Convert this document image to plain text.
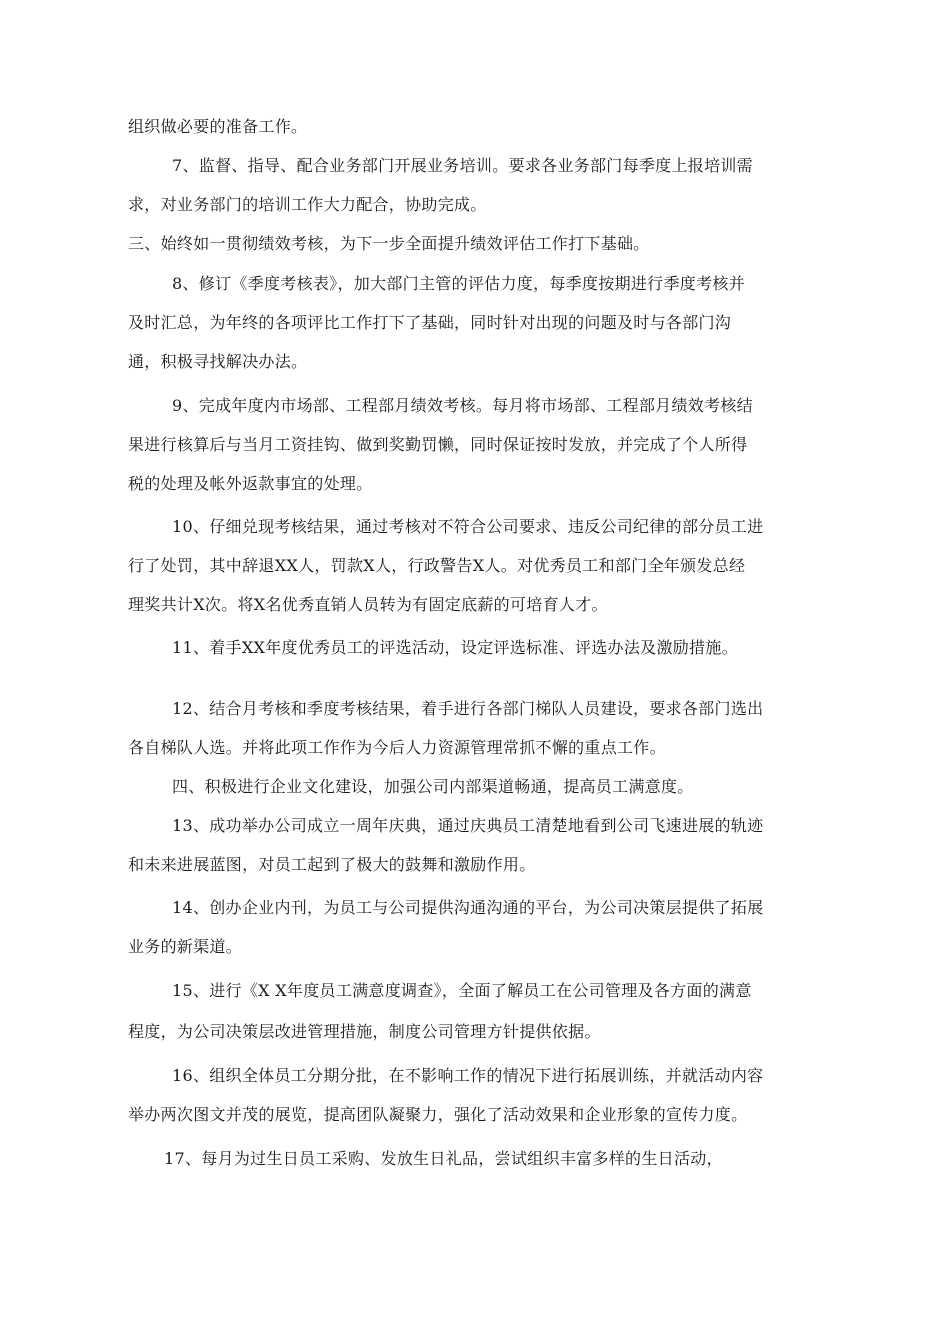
组织做必要的准备工作。
7、监督、指导、配合业务部门开展业务培训。要求各业务部门每季度上报培训需
求，对业务部门的培训工作大力配合，协助完成。
三、始终如一贯彻绩效考核，为下一步全面提升绩效评估工作打下基础。
8、修订《季度考核表》，加大部门主管的评估力度，每季度按期进行季度考核并
及时汇总，为年终的各项评比工作打下了基础，同时针对出现的问题及时与各部门沟
通，积极寻找解决办法。
9、完成年度内市场部、工程部月绩效考核。每月将市场部、工程部月绩效考核结
果进行核算后与当月工资挂钩、做到奖勤罚懒，同时保证按时发放，并完成了个人所得
税的处理及帐外返款事宜的处理。
10、仔细兑现考核结果，通过考核对不符合公司要求、违反公司纪律的部分员工进
行了处罚，其中辞退XX人，罚款X人，行政警告X人。对优秀员工和部门全年颁发总经
理奖共计X次。将X名优秀直销人员转为有固定底薪的可培育人才。
11、着手XX年度优秀员工的评选活动，设定评选标准、评选办法及激励措施。
12、结合月考核和季度考核结果，着手进行各部门梯队人员建设，要求各部门选出
各自梯队人选。并将此项工作作为今后人力资源管理常抓不懈的重点工作。
四、积极进行企业文化建设，加强公司内部渠道畅通，提高员工满意度。
13、成功举办公司成立一周年庆典，通过庆典员工清楚地看到公司飞速进展的轨迹
和未来进展蓝图，对员工起到了极大的鼓舞和激励作用。
14、创办企业内刊，为员工与公司提供沟通沟通的平台，为公司决策层提供了拓展
业务的新渠道。
15、进行《X X年度员工满意度调查》，全面了解员工在公司管理及各方面的满意
程度，为公司决策层改进管理措施，制度公司管理方针提供依据。
16、组织全体员工分期分批，在不影响工作的情况下进行拓展训练，并就活动内容
举办两次图文并茂的展览，提高团队凝聚力，强化了活动效果和企业形象的宣传力度。
17、每月为过生日员工采购、发放生日礼品，尝试组织丰富多样的生日活动，
